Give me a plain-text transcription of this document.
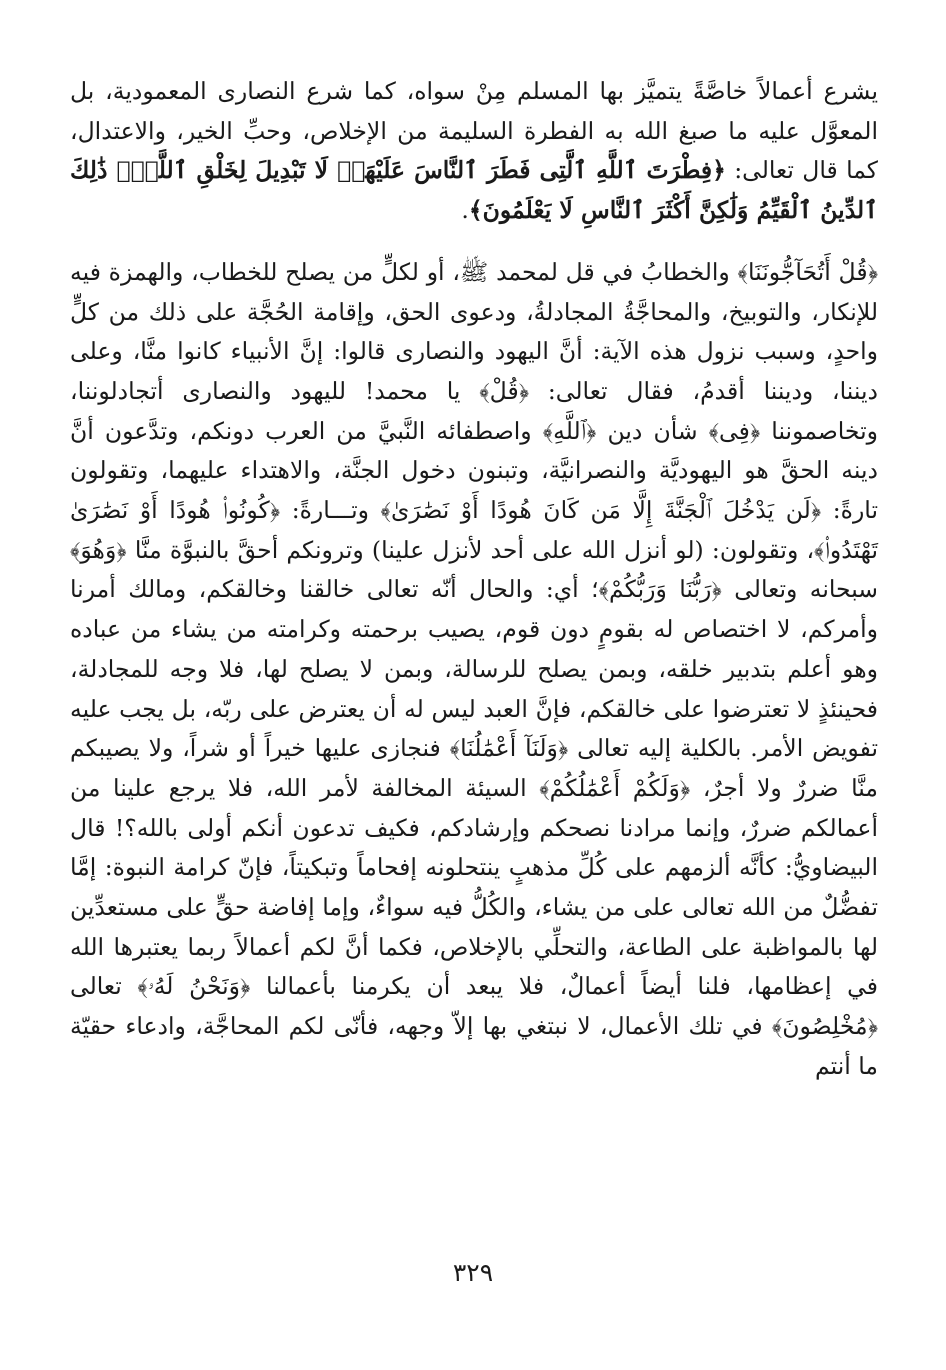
يشرع أعمالاً خاصَّةً يتميَّز بها المسلم مِنْ سواه، كما شرع النصارى المعمودية، بل المعوَّل عليه ما صبغ الله به الفطرة السليمة من الإخلاص، وحبِّ الخير، والاعتدال، كما قال تعالى: ﴿فِطْرَتَ ٱللَّهِ ٱلَّتِى فَطَرَ ٱلنَّاسَ عَلَيْهَاۚ لَا تَبْدِيلَ لِخَلْقِ ٱللَّهِۚ ذَٰلِكَ ٱلدِّينُ ٱلْقَيِّمُ وَلَٰكِنَّ أَكْثَرَ ٱلنَّاسِ لَا يَعْلَمُونَ﴾.

﴿قُلْ أَتُحَآجُّونَنَا﴾ والخطابُ في قل لمحمد ﷺ، أو لكلٍّ من يصلح للخطاب، والهمزة فيه للإنكار، والتوبيخ، والمحاجَّةُ المجادلةُ، ودعوى الحق، وإقامة الحُجَّة على ذلك من كلٍّ واحدٍ، وسبب نزول هذه الآية: أنَّ اليهود والنصارى قالوا: إنَّ الأنبياء كانوا منَّا، وعلى ديننا، وديننا أقدمُ، فقال تعالى: ﴿قُلْ﴾ يا محمد! لليهود والنصارى أتجادلوننا، وتخاصموننا ﴿فِى﴾ شأن دين ﴿ٱللَّهِ﴾ واصطفائه النَّبيَّ من العرب دونكم، وتدَّعون أنَّ دينه الحقَّ هو اليهوديَّة والنصرانيَّة، وتبنون دخول الجنَّة، والاهتداء عليهما، وتقولون تارةً: ﴿لَن يَدْخُلَ ٱلْجَنَّةَ إِلَّا مَن كَانَ هُودًا أَوْ نَصَٰرَىٰ﴾ وتـــارةً: ﴿كُونُوا۟ هُودًا أَوْ نَصَٰرَىٰ تَهْتَدُوا۟﴾، وتقولون: (لو أنزل الله على أحد لأنزل علينا) وترونكم أحقَّ بالنبوَّة منَّا ﴿وَهُوَ﴾ سبحانه وتعالى ﴿رَبُّنَا وَرَبُّكُمْ﴾؛ أي: والحال أنّه تعالى خالقنا وخالقكم، ومالك أمرنا وأمركم، لا اختصاص له بقومٍ دون قوم، يصيب برحمته وكرامته من يشاء من عباده وهو أعلم بتدبير خلقه، وبمن يصلح للرسالة، وبمن لا يصلح لها، فلا وجه للمجادلة، فحينئذٍ لا تعترضوا على خالقكم، فإنَّ العبد ليس له أن يعترض على ربّه، بل يجب عليه تفويض الأمر. بالكلية إليه تعالى ﴿وَلَنَآ أَعْمَٰلُنَا﴾ فنجازى عليها خيراً أو شراً، ولا يصيبكم منَّا ضررٌ ولا أجرٌ، ﴿وَلَكُمْ أَعْمَٰلُكُمْ﴾ السيئة المخالفة لأمر الله، فلا يرجع علينا من أعمالكم ضررٌ، وإنما مرادنا نصحكم وإرشادكم، فكيف تدعون أنكم أولى بالله؟! قال البيضاويُّ: كأنَّه ألزمهم على كُلِّ مذهبٍ ينتحلونه إفحاماً وتبكيتاً، فإنّ كرامة النبوة: إمَّا تفضُّلٌ من الله تعالى على من يشاء، والكُلُّ فيه سواءٌ، وإما إفاضة حقٍّ على مستعدِّين لها بالمواظبة على الطاعة، والتحلِّي بالإخلاص، فكما أنَّ لكم أعمالاً ربما يعتبرها الله في إعظامها، فلنا أيضاً أعمالٌ، فلا يبعد أن يكرمنا بأعمالنا ﴿وَنَحْنُ لَهُۥ﴾ تعالى ﴿مُخْلِصُونَ﴾ في تلك الأعمال، لا نبتغي بها إلاّ وجهه، فأنّى لكم المحاجَّة، وادعاء حقيّة ما أنتم

٣٢٩
